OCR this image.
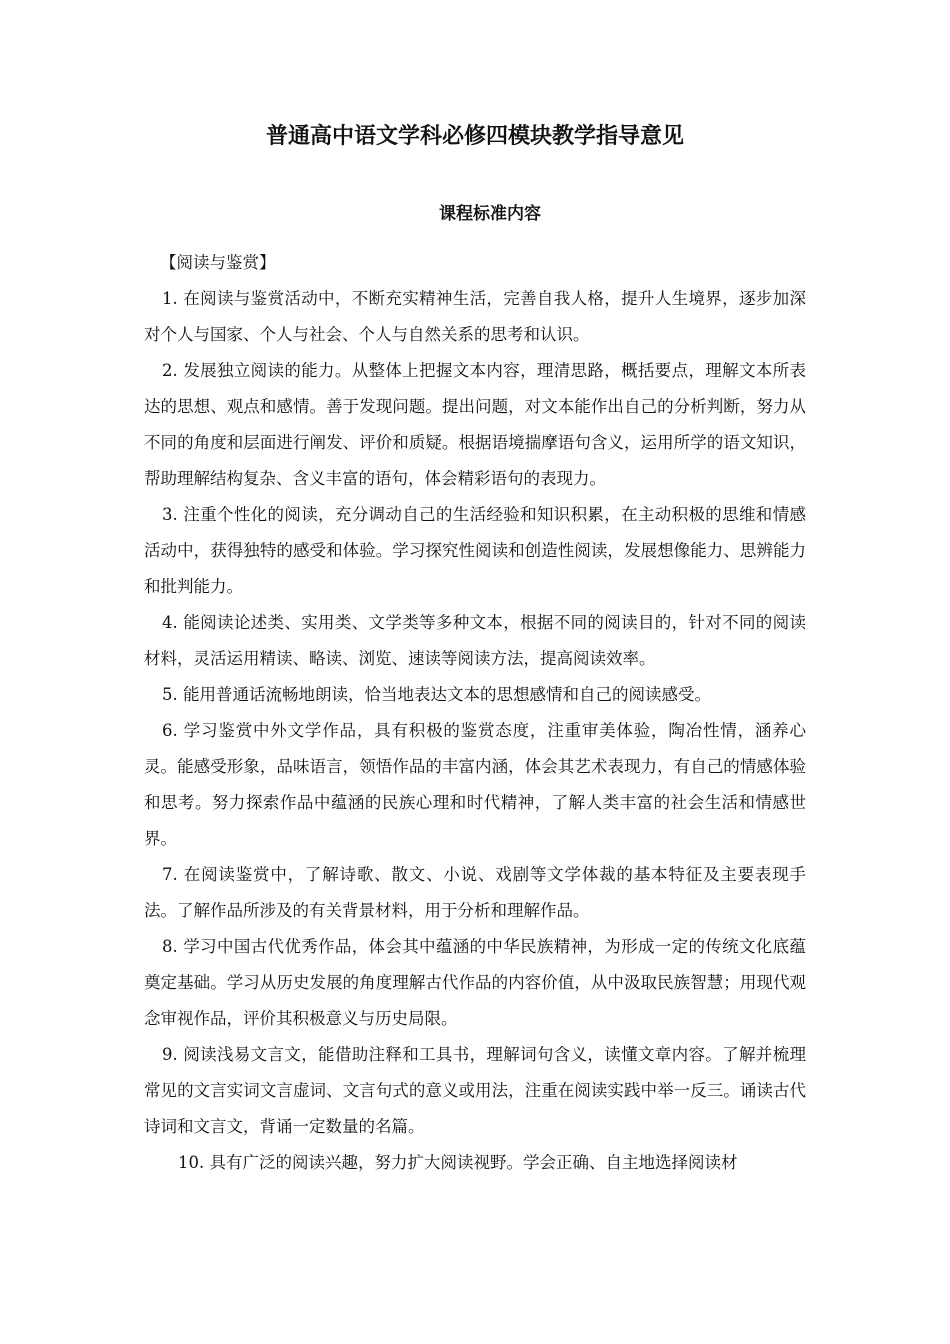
普通高中语文学科必修四模块教学指导意见
课程标准内容

【阅读与鉴赏】

1. 在阅读与鉴赏活动中，不断充实精神生活，完善自我人格，提升人生境界，逐步加深对个人与国家、个人与社会、个人与自然关系的思考和认识。

2. 发展独立阅读的能力。从整体上把握文本内容，理清思路，概括要点，理解文本所表达的思想、观点和感情。善于发现问题。提出问题，对文本能作出自己的分析判断，努力从不同的角度和层面进行阐发、评价和质疑。根据语境揣摩语句含义，运用所学的语文知识，帮助理解结构复杂、含义丰富的语句，体会精彩语句的表现力。

3. 注重个性化的阅读，充分调动自己的生活经验和知识积累，在主动积极的思维和情感活动中，获得独特的感受和体验。学习探究性阅读和创造性阅读，发展想像能力、思辨能力和批判能力。

4. 能阅读论述类、实用类、文学类等多种文本，根据不同的阅读目的，针对不同的阅读材料，灵活运用精读、略读、浏览、速读等阅读方法，提高阅读效率。

5. 能用普通话流畅地朗读，恰当地表达文本的思想感情和自己的阅读感受。

6. 学习鉴赏中外文学作品，具有积极的鉴赏态度，注重审美体验，陶冶性情，涵养心灵。能感受形象，品味语言，领悟作品的丰富内涵，体会其艺术表现力，有自己的情感体验和思考。努力探索作品中蕴涵的民族心理和时代精神，了解人类丰富的社会生活和情感世界。

7. 在阅读鉴赏中，了解诗歌、散文、小说、戏剧等文学体裁的基本特征及主要表现手法。了解作品所涉及的有关背景材料，用于分析和理解作品。

8. 学习中国古代优秀作品，体会其中蕴涵的中华民族精神，为形成一定的传统文化底蕴奠定基础。学习从历史发展的角度理解古代作品的内容价值，从中汲取民族智慧；用现代观念审视作品，评价其积极意义与历史局限。

9. 阅读浅易文言文，能借助注释和工具书，理解词句含义，读懂文章内容。了解并梳理常见的文言实词文言虚词、文言句式的意义或用法，注重在阅读实践中举一反三。诵读古代诗词和文言文，背诵一定数量的名篇。

10. 具有广泛的阅读兴趣，努力扩大阅读视野。学会正确、自主地选择阅读材
